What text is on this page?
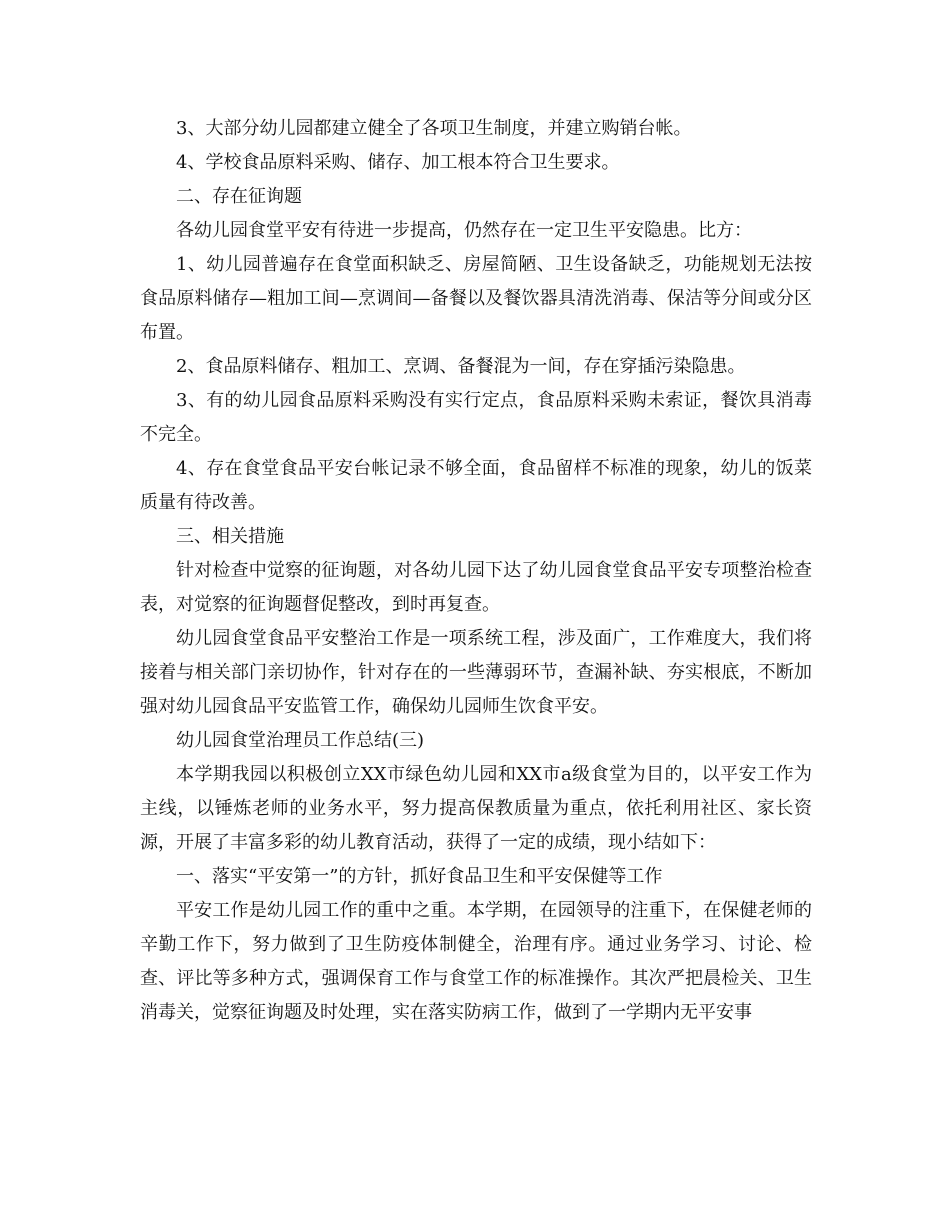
3、大部分幼儿园都建立健全了各项卫生制度，并建立购销台帐。

4、学校食品原料采购、储存、加工根本符合卫生要求。

二、存在征询题

各幼儿园食堂平安有待进一步提高，仍然存在一定卫生平安隐患。比方：

1、幼儿园普遍存在食堂面积缺乏、房屋简陋、卫生设备缺乏，功能规划无法按食品原料储存—粗加工间—烹调间—备餐以及餐饮器具清洗消毒、保洁等分间或分区布置。

2、食品原料储存、粗加工、烹调、备餐混为一间，存在穿插污染隐患。

3、有的幼儿园食品原料采购没有实行定点，食品原料采购未索证，餐饮具消毒不完全。

4、存在食堂食品平安台帐记录不够全面，食品留样不标准的现象，幼儿的饭菜质量有待改善。

三、相关措施

针对检查中觉察的征询题，对各幼儿园下达了幼儿园食堂食品平安专项整治检查表，对觉察的征询题督促整改，到时再复查。

幼儿园食堂食品平安整治工作是一项系统工程，涉及面广，工作难度大，我们将接着与相关部门亲切协作，针对存在的一些薄弱环节，查漏补缺、夯实根底，不断加强对幼儿园食品平安监管工作，确保幼儿园师生饮食平安。

幼儿园食堂治理员工作总结(三)

本学期我园以积极创立XX市绿色幼儿园和XX市a级食堂为目的，以平安工作为主线，以锤炼老师的业务水平，努力提高保教质量为重点，依托利用社区、家长资源，开展了丰富多彩的幼儿教育活动，获得了一定的成绩，现小结如下：

一、落实“平安第一”的方针，抓好食品卫生和平安保健等工作

平安工作是幼儿园工作的重中之重。本学期，在园领导的注重下，在保健老师的辛勤工作下，努力做到了卫生防疫体制健全，治理有序。通过业务学习、讨论、检查、评比等多种方式，强调保育工作与食堂工作的标准操作。其次严把晨检关、卫生消毒关，觉察征询题及时处理，实在落实防病工作，做到了一学期内无平安事
